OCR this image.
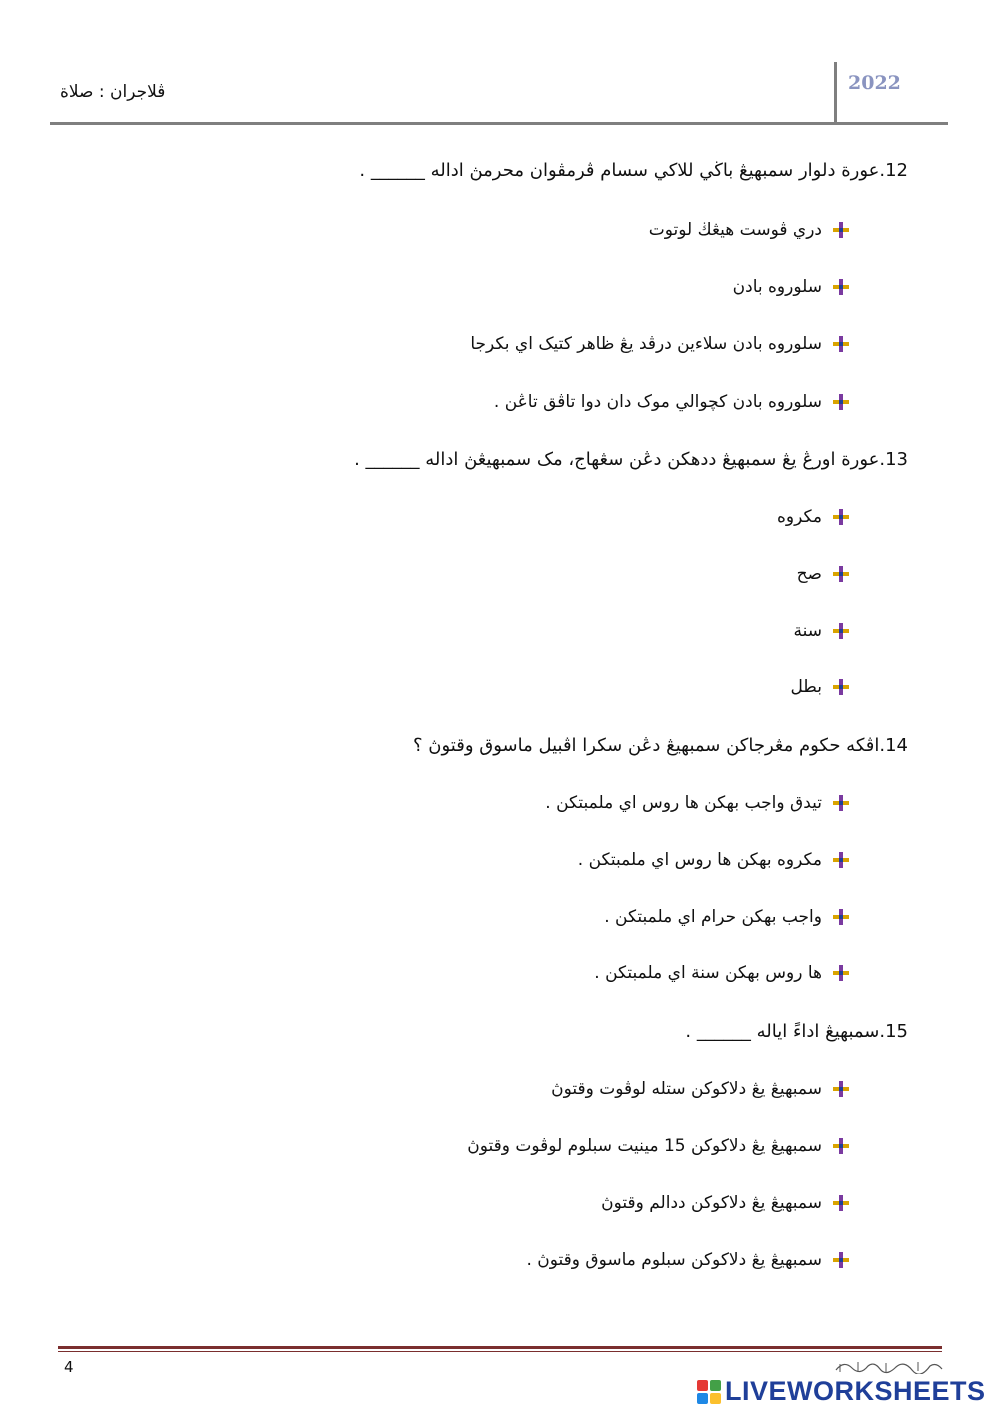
ڤلاجران : صلاة	2022
12.عورة دلوار سمبهيڠ باڬي للاکي سسام ڤرمڤوان محرمڽ اداله ______ .
دري ڤوست هيڠڬ لوتوت
سلوروه بادن
سلوروه بادن سلاءين درڤد يڠ ظاهر کتيک اي بکرجا
سلوروه بادن کچوالي موک دان دوا تاڤق تاڠن .
13.عورة اورڠ يڠ سمبهيڠ ددهکن دڠن سڠهاج، مک سمبهيڠڽ اداله ______ .
مکروه
صح
سنة
بطل
14.اڤکه حکوم مڠرجاکن سمبهيڠ دڠن سکرا اڤبيل ماسوق وقتوڽ ؟
تيدق واجب بهکن ها روس اي ملمبتکن .
مکروه بهکن ها روس اي ملمبتکن .
واجب بهکن حرام اي ملمبتکن .
ها روس بهکن سنة اي ملمبتکن .
15.سمبهيڠ اداءً اياله ______ .
سمبهيڠ يڠ دلاکوکن ستله لوڤوت وقتوڽ
سمبهيڠ يڠ دلاکوکن 15 مينيت سبلوم لوڤوت وقتوڽ
سمبهيڠ يڠ دلاکوکن ددالم وقتوڽ
سمبهيڠ يڠ دلاکوکن سبلوم ماسوق وقتوڽ .
4
LIVEWORKSHEETS
